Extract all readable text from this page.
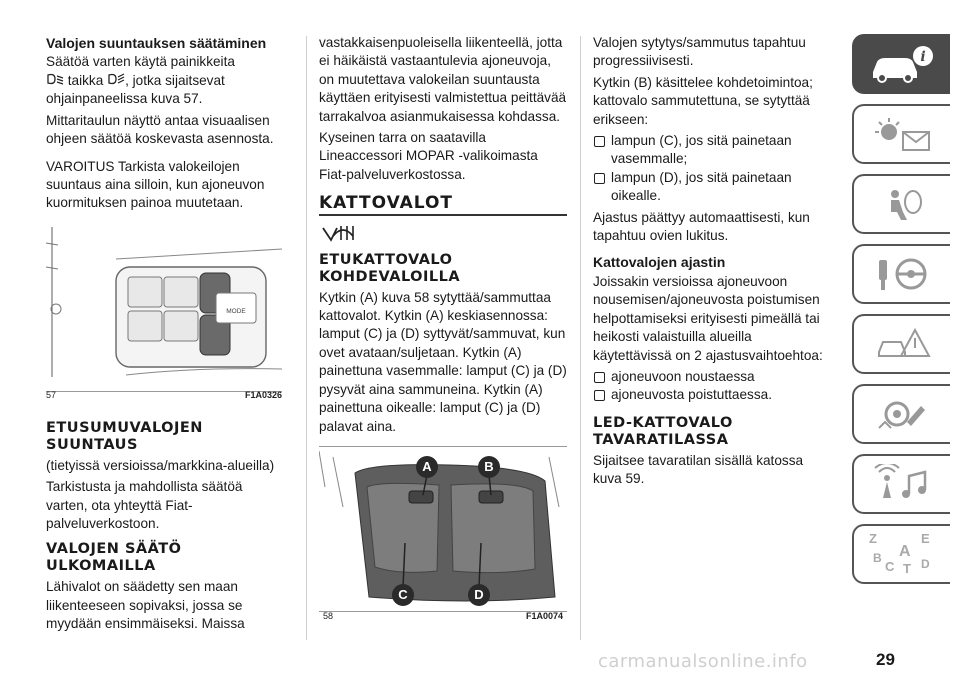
Valojen suuntauksen säätäminen

Säätöä varten käytä painikkeita
taikka , jotka sijaitsevat ohjainpaneelissa kuva 57.

Mittaritaulun näyttö antaa visuaalisen ohjeen säätöä koskevasta asennosta.

VAROITUS Tarkista valokeilojen suuntaus aina silloin, kun ajoneuvon kuormituksen painoa muutetaan.

MODE
57	F1A0326
ETUSUMUVALOJEN SUUNTAUS

(tietyissä versioissa/markkina-alueilla)

Tarkistusta ja mahdollista säätöä varten, ota yhteyttä Fiat-palveluverkostoon.

VALOJEN SÄÄTÖ ULKOMAILLA

Lähivalot on säädetty sen maan liikenteeseen sopivaksi, jossa se myydään ensimmäiseksi. Maissa

vastakkaisenpuoleisella liikenteellä, jotta ei häikäistä vastaantulevia ajoneuvoja, on muutettava valokeilan suuntausta käyttäen erityisesti valmistettua peittävää tarrakalvoa asianmukaisessa kohdassa.

Kyseinen tarra on saatavilla Lineaccessori MOPAR -valikoimasta Fiat-palveluverkostossa.

KATTOVALOT
ETUKATTOVALO KOHDEVALOILLA

Kytkin (A) kuva 58 sytyttää/sammuttaa kattovalot. Kytkin (A) keskiasennossa: lamput (C) ja (D) syttyvät/sammuvat, kun ovet avataan/suljetaan. Kytkin (A) painettuna vasemmalle: lamput (C) ja (D) pysyvät aina sammuneina. Kytkin (A) painettuna oikealle: lamput (C) ja (D) palavat aina.

A	B
C	D
58	F1A0074

Valojen sytytys/sammutus tapahtuu progressiivisesti.

Kytkin (B) käsittelee kohdetoimintoa; kattovalo sammutettuna, se sytyttää erikseen:

lampun (C), jos sitä painetaan vasemmalle;
lampun (D), jos sitä painetaan oikealle.

Ajastus päättyy automaattisesti, kun tapahtuu ovien lukitus.

Kattovalojen ajastin

Joissakin versioissa ajoneuvoon nousemisen/ajoneuvosta poistumisen helpottamiseksi erityisesti pimeällä tai heikosti valaistuilla alueilla käytettävissä on 2 ajastusvaihtoehtoa:

ajoneuvoon noustaessa
ajoneuvosta poistuttaessa.
LED-KATTOVALO TAVARATILASSA

Sijaitsee tavaratilan sisällä katossa kuva 59.

i
Z	E
A
B
C T D
carmanualsonline.info	29
